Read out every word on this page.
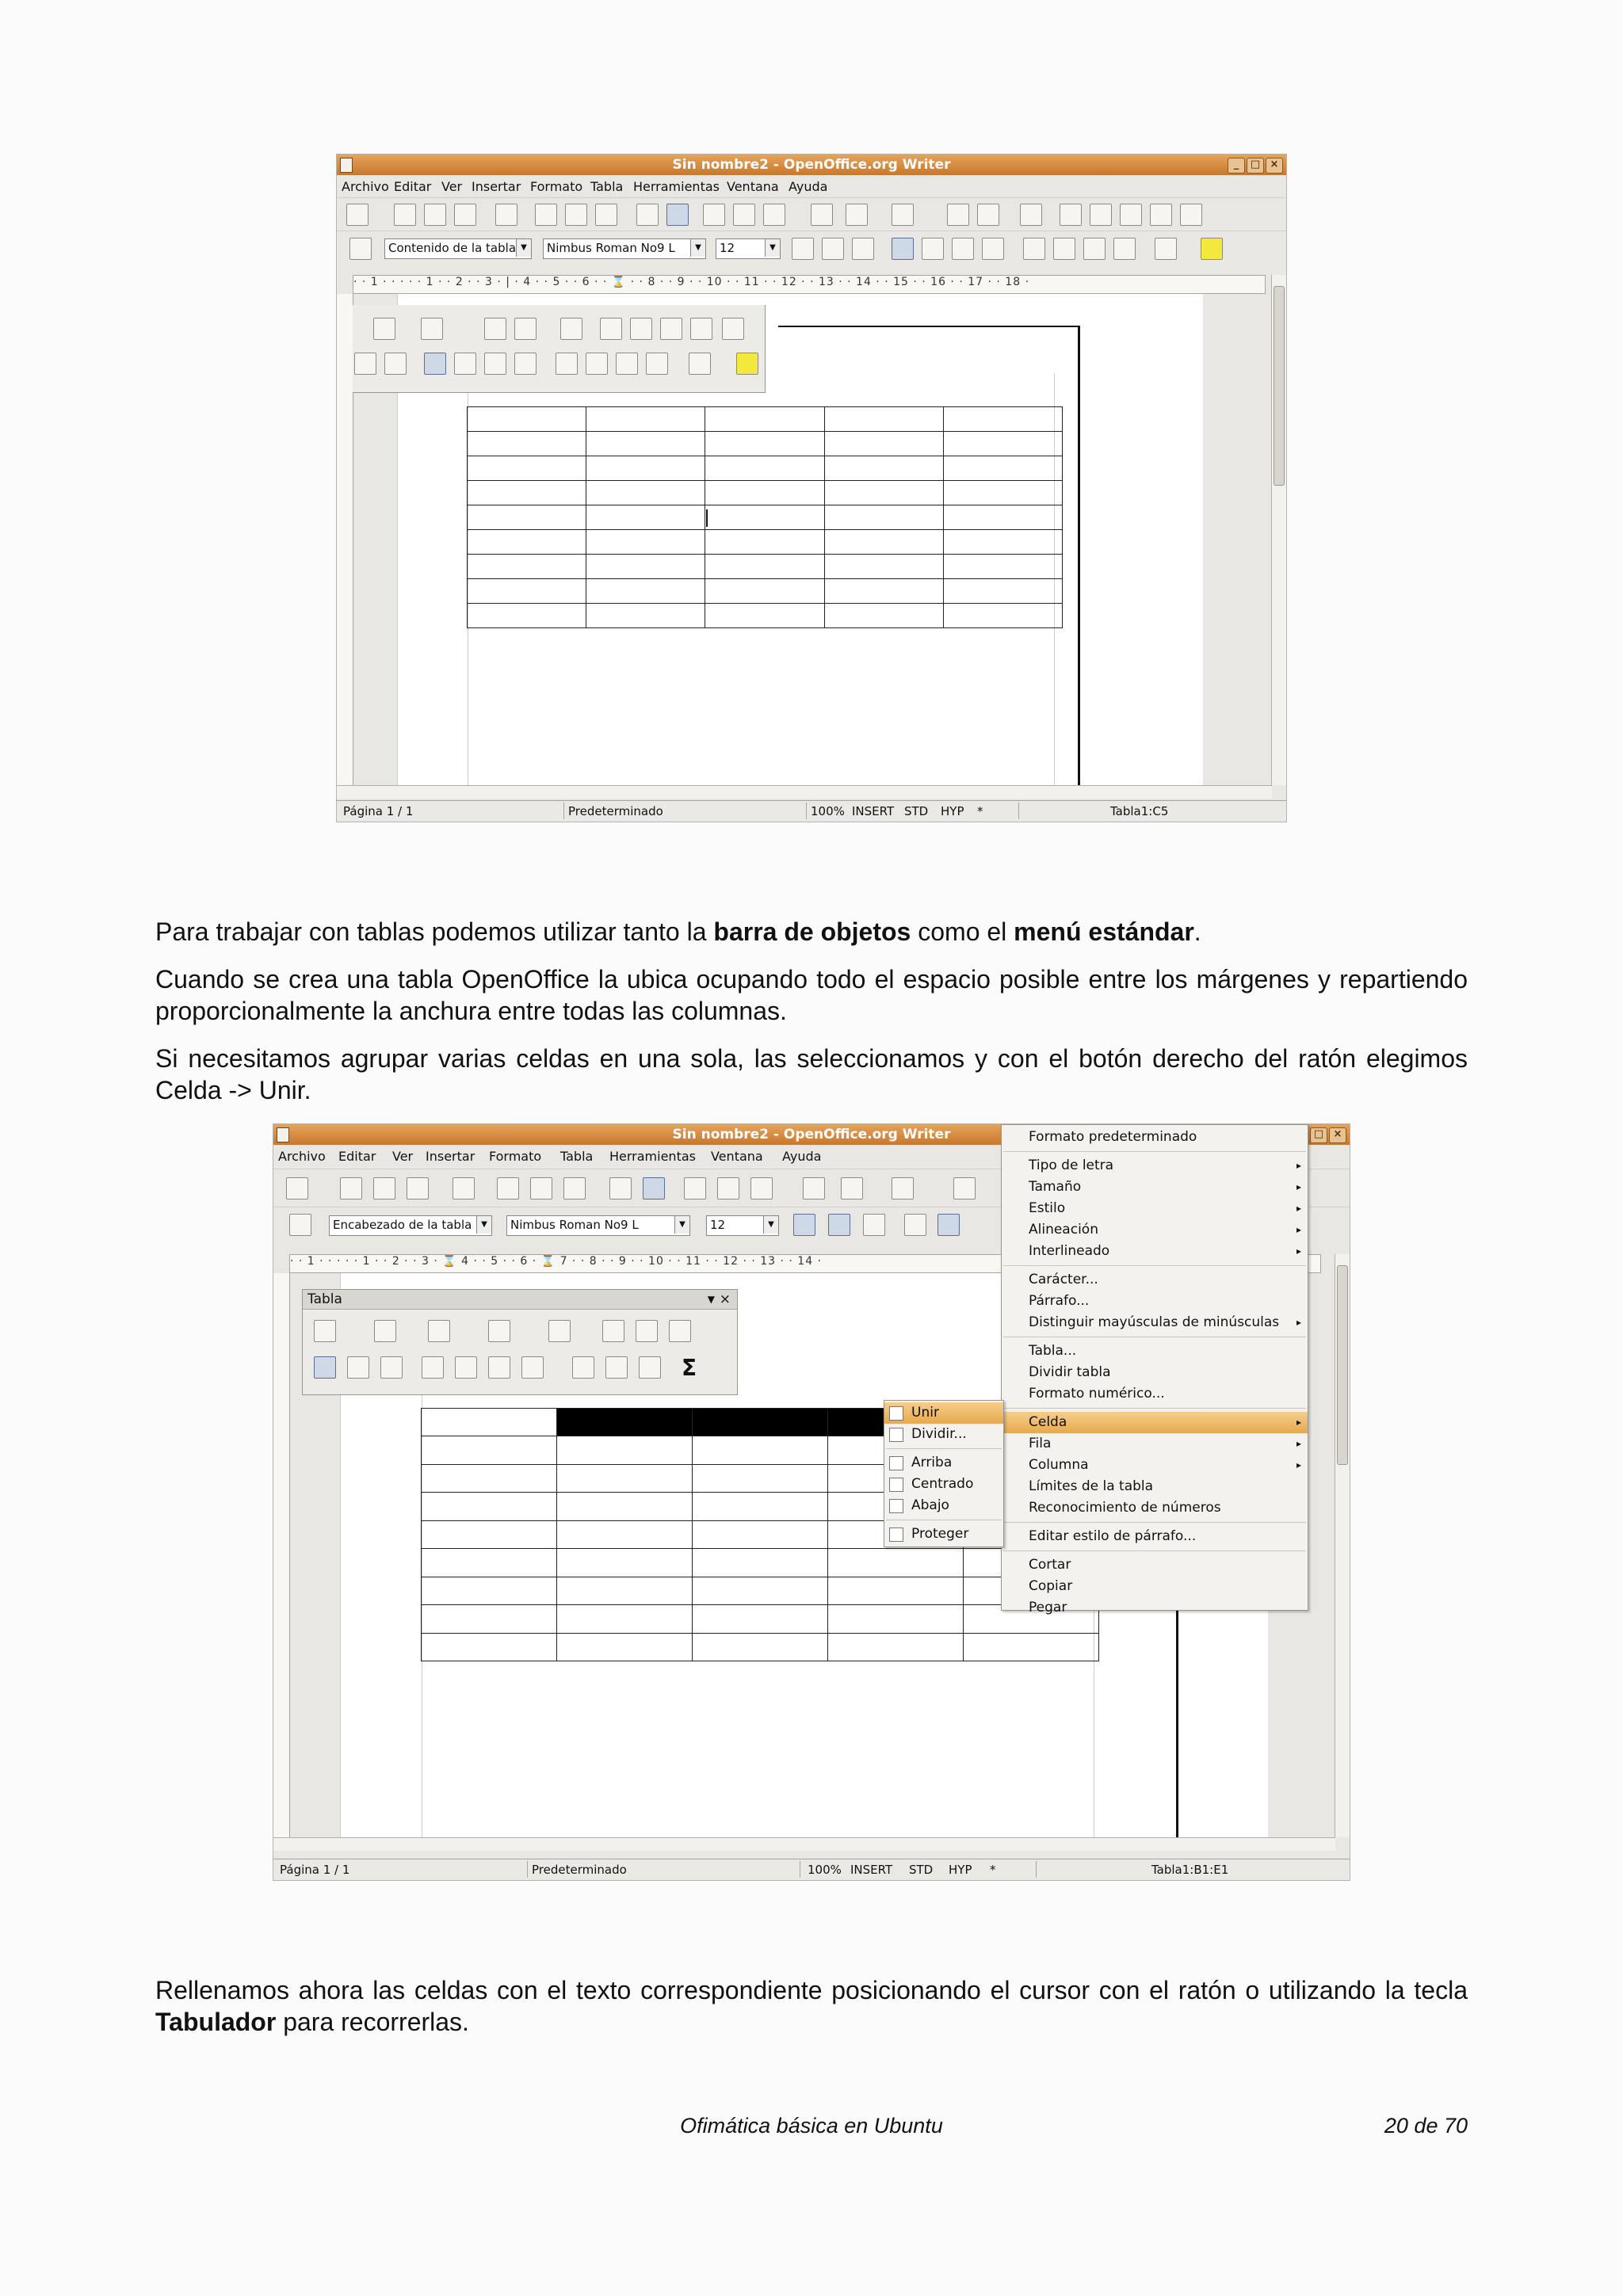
Sin nombre2 - OpenOffice.org Writer	_	□ ×
Archivo Editar Ver Insertar Formato Tabla Herramientas Ventana Ayuda
Contenido de la tabla ▼	Nimbus Roman No9 L	▼	12	▼
· · 1 · · · · · 1 · · 2 · · 3 · | · 4 · · 5 · · 6 · · ⌛ · · 8 · · 9 · · 10 · · 11 · · 12 · · 13 · · 14 · · 15 · · 16 · · 17 · · 18 ·

Página 1 / 1	Predeterminado	100% INSERT STD HYP *	Tabla1:C5

Para trabajar con tablas podemos utilizar tanto la barra de objetos como el menú estándar.

Cuando se crea una tabla OpenOffice la ubica ocupando todo el espacio posible entre los márgenes y repartiendo proporcionalmente la anchura entre todas las columnas.

Si necesitamos agrupar varias celdas en una sola, las seleccionamos y con el botón derecho del ratón elegimos Celda -> Unir.

Sin nombre2 - OpenOffice.org Writer	□ ×
Archivo Editar Ver Insertar Formato Tabla Herramientas Ventana Ayuda
Encabezado de la tabla	▼	Nimbus Roman No9 L	▼	12	▼
· · 1 · · · · · 1 · · 2 · · 3 · ⌛ 4 · · 5 · · 6 · ⌛ 7 · · 8 · · 9 · · 10 · · 11 · · 12 · · 13 · · 14 ·

Tabla	▼ ×
Σ
Formato predeterminado
Tipo de letra	▸
Tamaño	▸
Estilo	▸
Alineación	▸
Interlineado	▸
Carácter...
Párrafo...
Distinguir mayúsculas de minúsculas ▸
Tabla...
Dividir tabla
Formato numérico...
Celda	▸
Fila	▸
Columna	▸
Límites de la tabla
Reconocimiento de números
Editar estilo de párrafo...
Cortar
Copiar
Pegar
Unir
Dividir...
Arriba
Centrado
Abajo
Proteger
Página 1 / 1	Predeterminado	100% INSERT STD HYP *	Tabla1:B1:E1

Rellenamos ahora las celdas con el texto correspondiente posicionando el cursor con el ratón o utilizando la tecla Tabulador para recorrerlas.

Ofimática básica en Ubuntu	20 de 70
